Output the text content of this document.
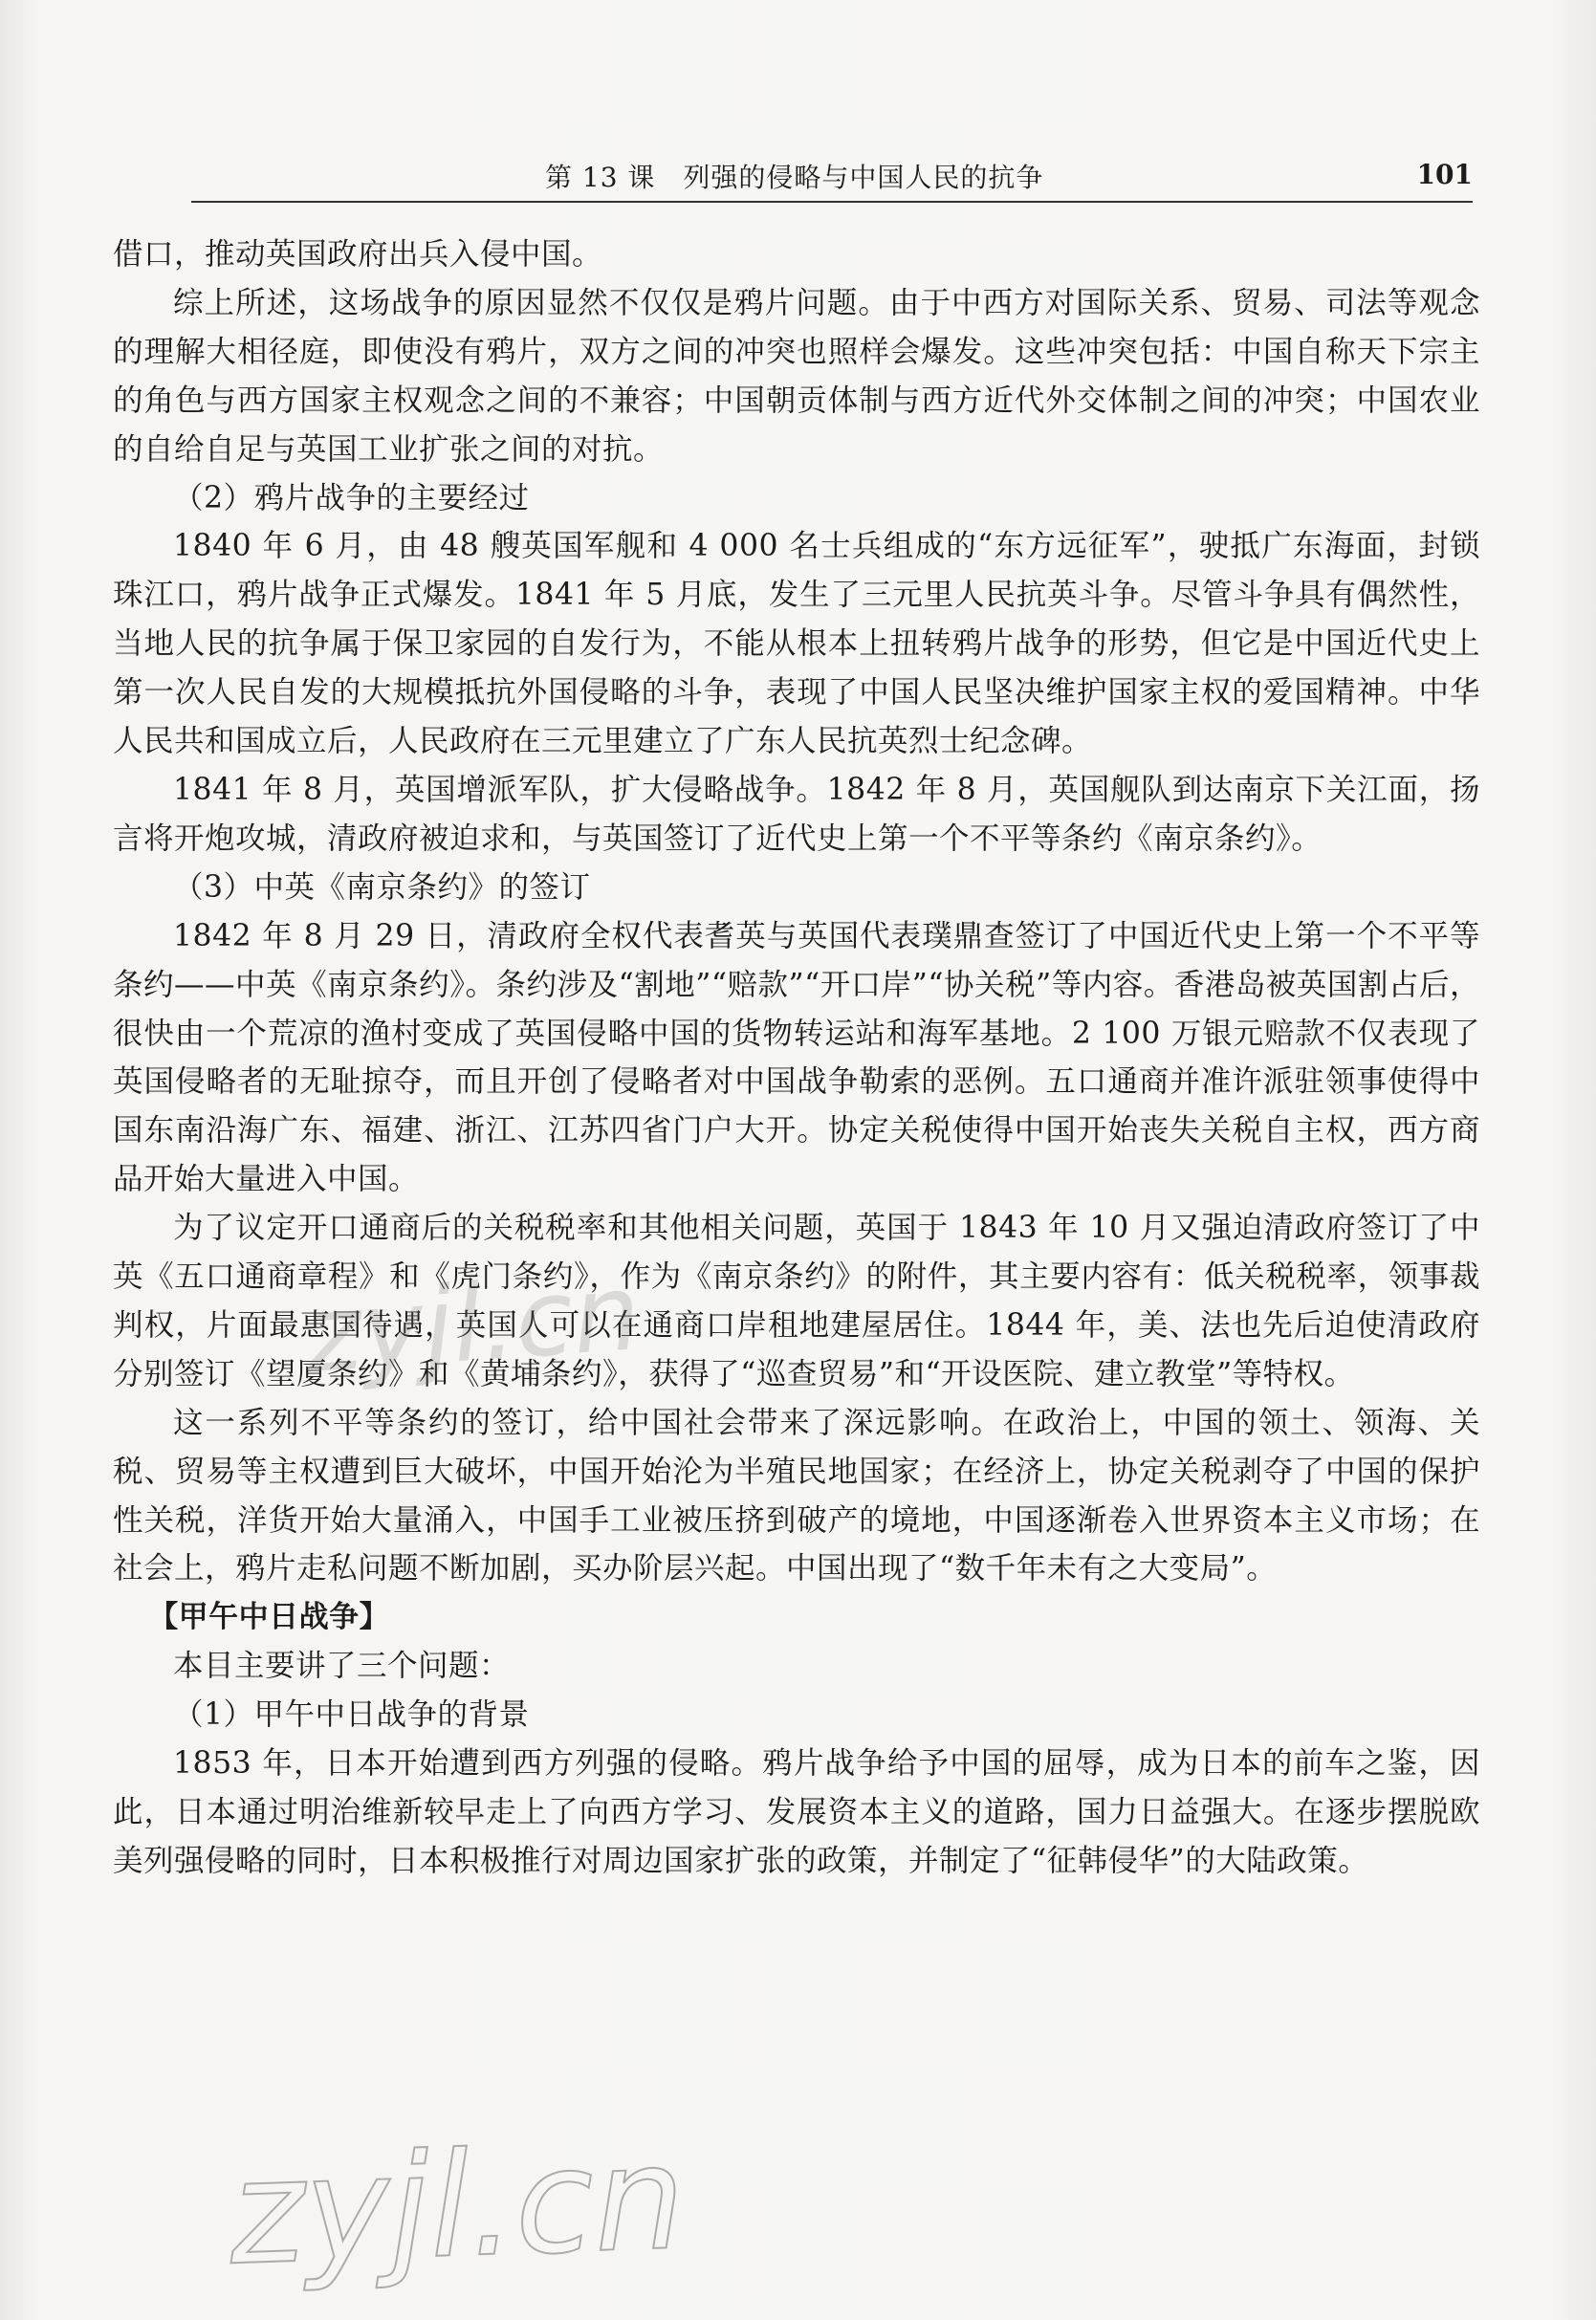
第 13 课　列强的侵略与中国人民的抗争	101

借口，推动英国政府出兵入侵中国。

综上所述，这场战争的原因显然不仅仅是鸦片问题。由于中西方对国际关系、贸易、司法等观念的理解大相径庭，即使没有鸦片，双方之间的冲突也照样会爆发。这些冲突包括：中国自称天下宗主的角色与西方国家主权观念之间的不兼容；中国朝贡体制与西方近代外交体制之间的冲突；中国农业的自给自足与英国工业扩张之间的对抗。

（2）鸦片战争的主要经过

1840 年 6 月，由 48 艘英国军舰和 4 000 名士兵组成的“东方远征军”，驶抵广东海面，封锁珠江口，鸦片战争正式爆发。1841 年 5 月底，发生了三元里人民抗英斗争。尽管斗争具有偶然性，当地人民的抗争属于保卫家园的自发行为，不能从根本上扭转鸦片战争的形势，但它是中国近代史上第一次人民自发的大规模抵抗外国侵略的斗争，表现了中国人民坚决维护国家主权的爱国精神。中华人民共和国成立后，人民政府在三元里建立了广东人民抗英烈士纪念碑。

1841 年 8 月，英国增派军队，扩大侵略战争。1842 年 8 月，英国舰队到达南京下关江面，扬言将开炮攻城，清政府被迫求和，与英国签订了近代史上第一个不平等条约《南京条约》。

（3）中英《南京条约》的签订

1842 年 8 月 29 日，清政府全权代表耆英与英国代表璞鼎查签订了中国近代史上第一个不平等条约——中英《南京条约》。条约涉及“割地”“赔款”“开口岸”“协关税”等内容。香港岛被英国割占后，很快由一个荒凉的渔村变成了英国侵略中国的货物转运站和海军基地。2 100 万银元赔款不仅表现了英国侵略者的无耻掠夺，而且开创了侵略者对中国战争勒索的恶例。五口通商并准许派驻领事使得中国东南沿海广东、福建、浙江、江苏四省门户大开。协定关税使得中国开始丧失关税自主权，西方商品开始大量进入中国。

为了议定开口通商后的关税税率和其他相关问题，英国于 1843 年 10 月又强迫清政府签订了中英《五口通商章程》和《虎门条约》，作为《南京条约》的附件，其主要内容有：低关税税率，领事裁判权，片面最惠国待遇，英国人可以在通商口岸租地建屋居住。1844 年，美、法也先后迫使清政府分别签订《望厦条约》和《黄埔条约》，获得了“巡查贸易”和“开设医院、建立教堂”等特权。

这一系列不平等条约的签订，给中国社会带来了深远影响。在政治上，中国的领土、领海、关税、贸易等主权遭到巨大破坏，中国开始沦为半殖民地国家；在经济上，协定关税剥夺了中国的保护性关税，洋货开始大量涌入，中国手工业被压挤到破产的境地，中国逐渐卷入世界资本主义市场；在社会上，鸦片走私问题不断加剧，买办阶层兴起。中国出现了“数千年未有之大变局”。

【甲午中日战争】

本目主要讲了三个问题：

（1）甲午中日战争的背景

1853 年，日本开始遭到西方列强的侵略。鸦片战争给予中国的屈辱，成为日本的前车之鉴，因此，日本通过明治维新较早走上了向西方学习、发展资本主义的道路，国力日益强大。在逐步摆脱欧美列强侵略的同时，日本积极推行对周边国家扩张的政策，并制定了“征韩侵华”的大陆政策。

zyjl.cn
zyjl.cn
